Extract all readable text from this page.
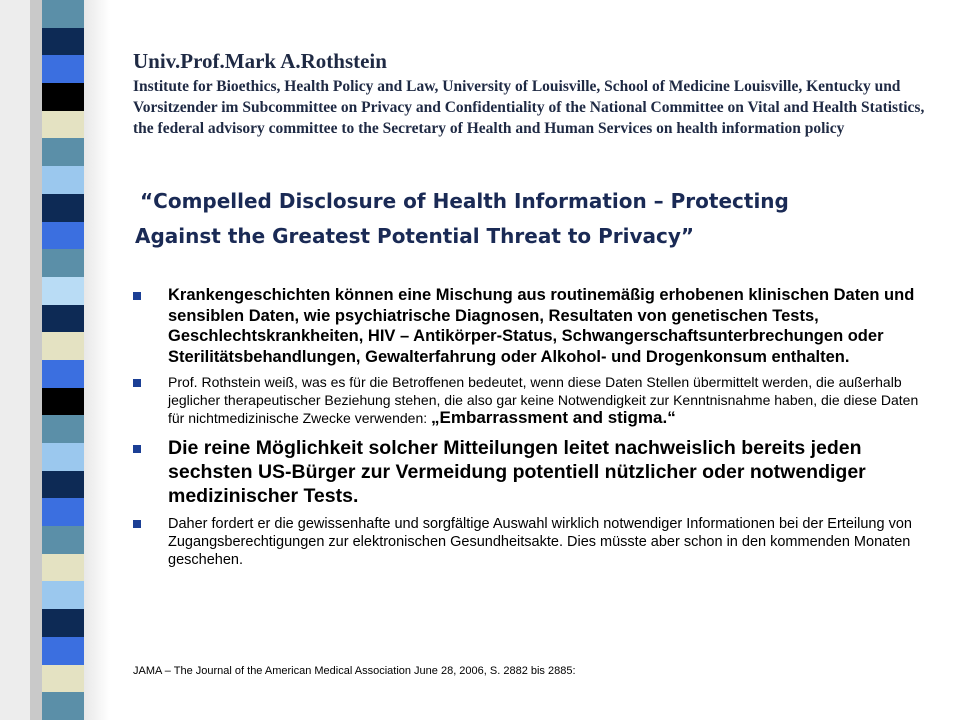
Univ.Prof.Mark A.Rothstein
Institute for Bioethics, Health Policy and Law, University of Louisville, School of Medicine Louisville, Kentucky und Vorsitzender im Subcommittee on Privacy and Confidentiality of the National Committee on Vital and Health Statistics, the federal advisory committee to the Secretary of Health and Human Services on health information policy
“Compelled Disclosure of Health Information – Protecting
Against the Greatest Potential Threat to Privacy”
Krankengeschichten können eine Mischung aus routinemäßig erhobenen klinischen Daten und sensiblen Daten, wie psychiatrische Diagnosen, Resultaten von genetischen Tests, Geschlechtskrankheiten, HIV – Antikörper-Status, Schwangerschaftsunterbrechungen oder Sterilitätsbehandlungen, Gewalterfahrung oder Alkohol- und Drogenkonsum enthalten.
Prof. Rothstein weiß, was es für die Betroffenen bedeutet, wenn diese Daten Stellen übermittelt werden, die außerhalb jeglicher therapeutischer Beziehung stehen, die also gar keine Notwendigkeit zur Kenntnisnahme haben, die diese Daten für nichtmedizinische Zwecke verwenden: „Embarrassment and stigma.“
Die reine Möglichkeit solcher Mitteilungen leitet nachweislich bereits jeden sechsten US-Bürger zur Vermeidung potentiell nützlicher oder notwendiger medizinischer Tests.
Daher fordert er die gewissenhafte und sorgfältige Auswahl wirklich notwendiger Informationen bei der Erteilung von Zugangsberechtigungen zur elektronischen Gesundheitsakte. Dies müsste aber schon in den kommenden Monaten geschehen.
JAMA – The Journal of the American Medical Association June 28, 2006, S. 2882 bis 2885:
